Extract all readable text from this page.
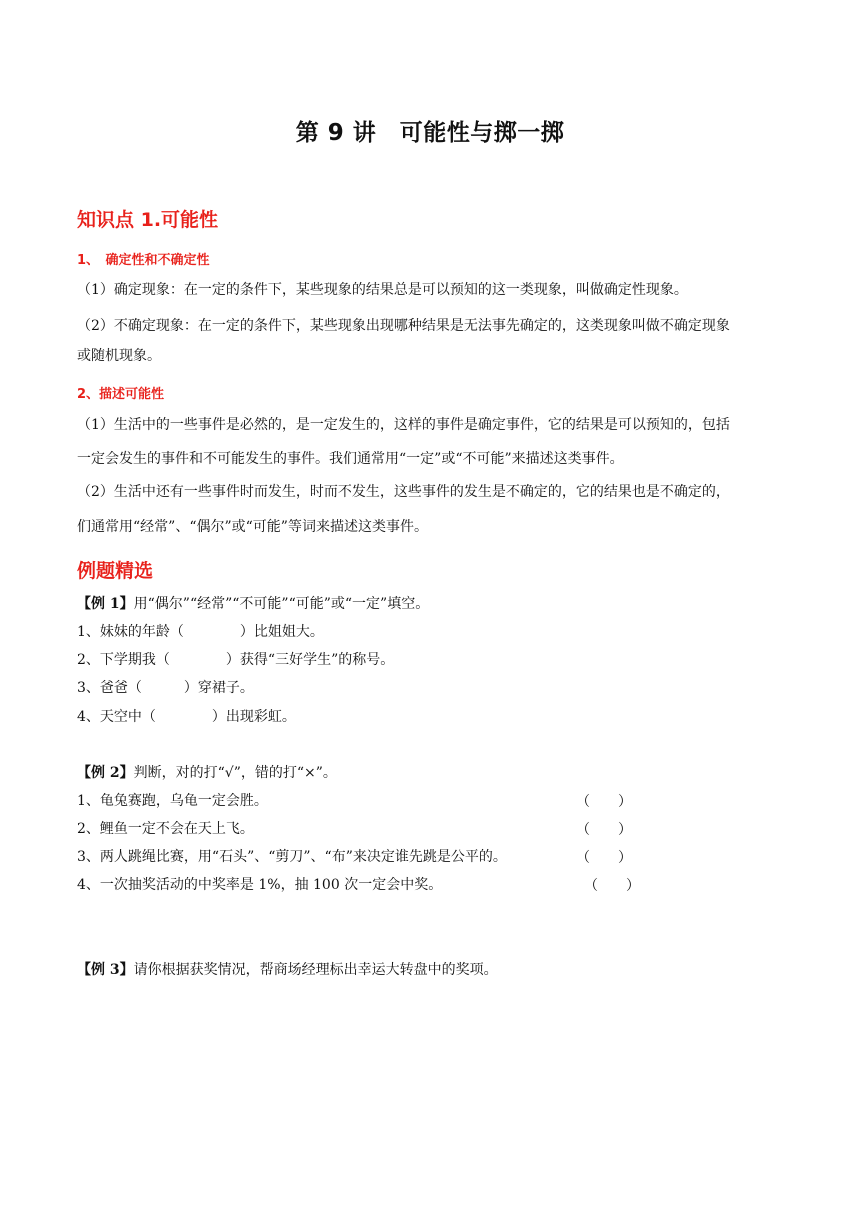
第 9 讲　可能性与掷一掷
知识点 1.可能性
1、　确定性和不确定性
（1）确定现象：在一定的条件下，某些现象的结果总是可以预知的这一类现象，叫做确定性现象。
（2）不确定现象：在一定的条件下，某些现象出现哪种结果是无法事先确定的，这类现象叫做不确定现象
或随机现象。
2、描述可能性
（1）生活中的一些事件是必然的，是一定发生的，这样的事件是确定事件，它的结果是可以预知的，包括
一定会发生的事件和不可能发生的事件。我们通常用“一定”或“不可能”来描述这类事件。
（2）生活中还有一些事件时而发生，时而不发生，这些事件的发生是不确定的，它的结果也是不确定的，
们通常用“经常”、“偶尔”或“可能”等词来描述这类事件。
例题精选
【例 1】用“偶尔”“经常”“不可能”“可能”或“一定”填空。
1、妹妹的年龄（　　　　）比姐姐大。
2、下学期我（　　　　）获得“三好学生”的称号。
3、爸爸（　　　）穿裙子。
4、天空中（　　　　）出现彩虹。
【例 2】判断，对的打“√”，错的打“×”。
1、龟兔赛跑，乌龟一定会胜。	（　　）
2、鲤鱼一定不会在天上飞。	（　　）
3、两人跳绳比赛，用“石头”、“剪刀”、“布”来决定谁先跳是公平的。	（　　）
4、一次抽奖活动的中奖率是 1%，抽 100 次一定会中奖。	（　　）
【例 3】请你根据获奖情况，帮商场经理标出幸运大转盘中的奖项。
